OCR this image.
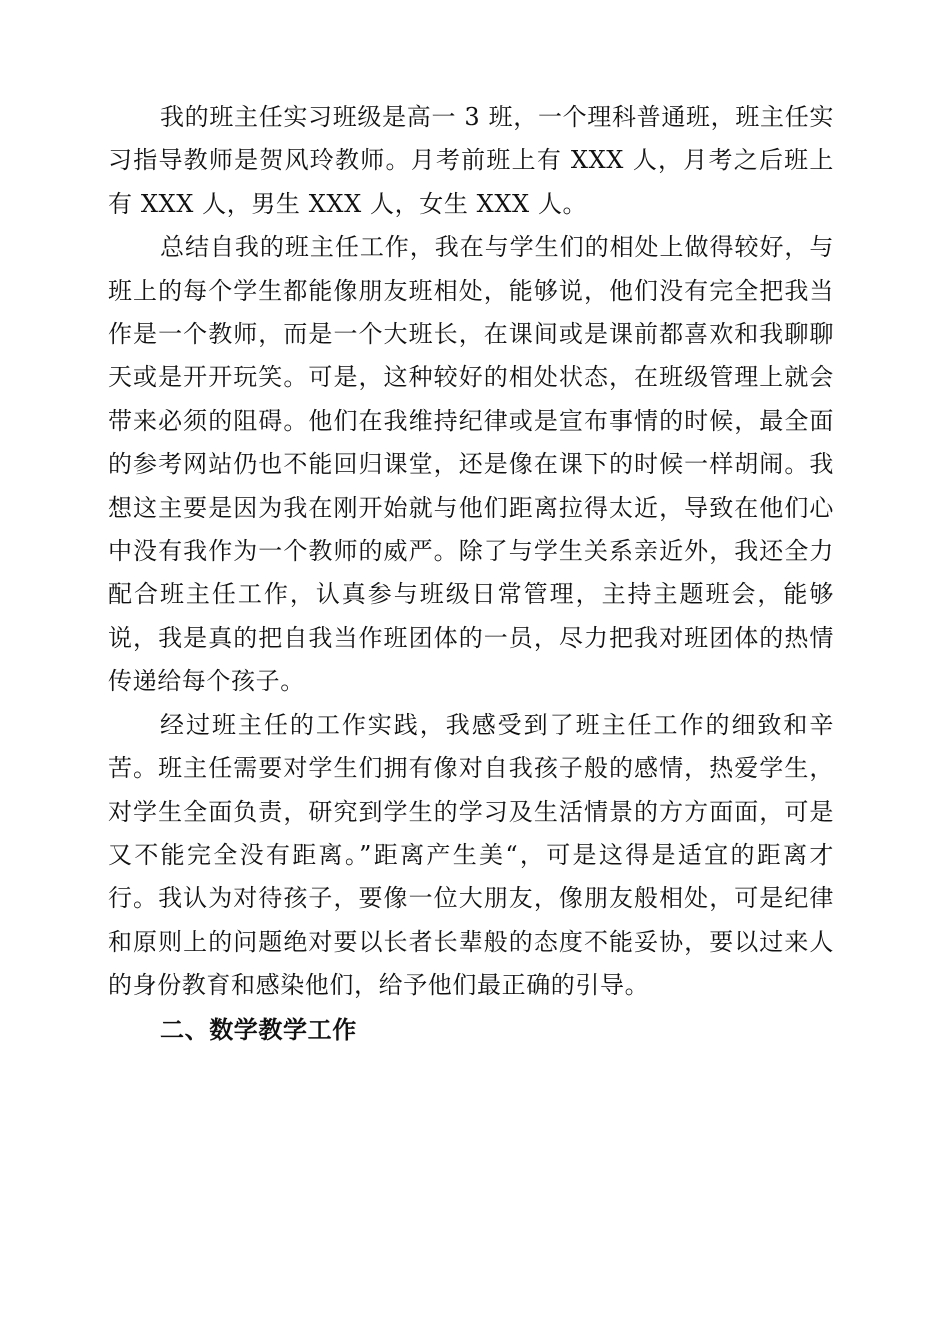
我的班主任实习班级是高一 3 班，一个理科普通班，班主任实习指导教师是贺风玲教师。月考前班上有 XXX 人，月考之后班上有 XXX 人，男生 XXX 人，女生 XXX 人。

总结自我的班主任工作，我在与学生们的相处上做得较好，与班上的每个学生都能像朋友班相处，能够说，他们没有完全把我当作是一个教师，而是一个大班长，在课间或是课前都喜欢和我聊聊天或是开开玩笑。可是，这种较好的相处状态，在班级管理上就会带来必须的阻碍。他们在我维持纪律或是宣布事情的时候，最全面的参考网站仍也不能回归课堂，还是像在课下的时候一样胡闹。我想这主要是因为我在刚开始就与他们距离拉得太近，导致在他们心中没有我作为一个教师的威严。除了与学生关系亲近外，我还全力配合班主任工作，认真参与班级日常管理，主持主题班会，能够说，我是真的把自我当作班团体的一员，尽力把我对班团体的热情传递给每个孩子。

经过班主任的工作实践，我感受到了班主任工作的细致和辛苦。班主任需要对学生们拥有像对自我孩子般的感情，热爱学生，对学生全面负责，研究到学生的学习及生活情景的方方面面，可是又不能完全没有距离。”距离产生美“，可是这得是适宜的距离才行。我认为对待孩子，要像一位大朋友，像朋友般相处，可是纪律和原则上的问题绝对要以长者长辈般的态度不能妥协，要以过来人的身份教育和感染他们，给予他们最正确的引导。

二、数学教学工作
